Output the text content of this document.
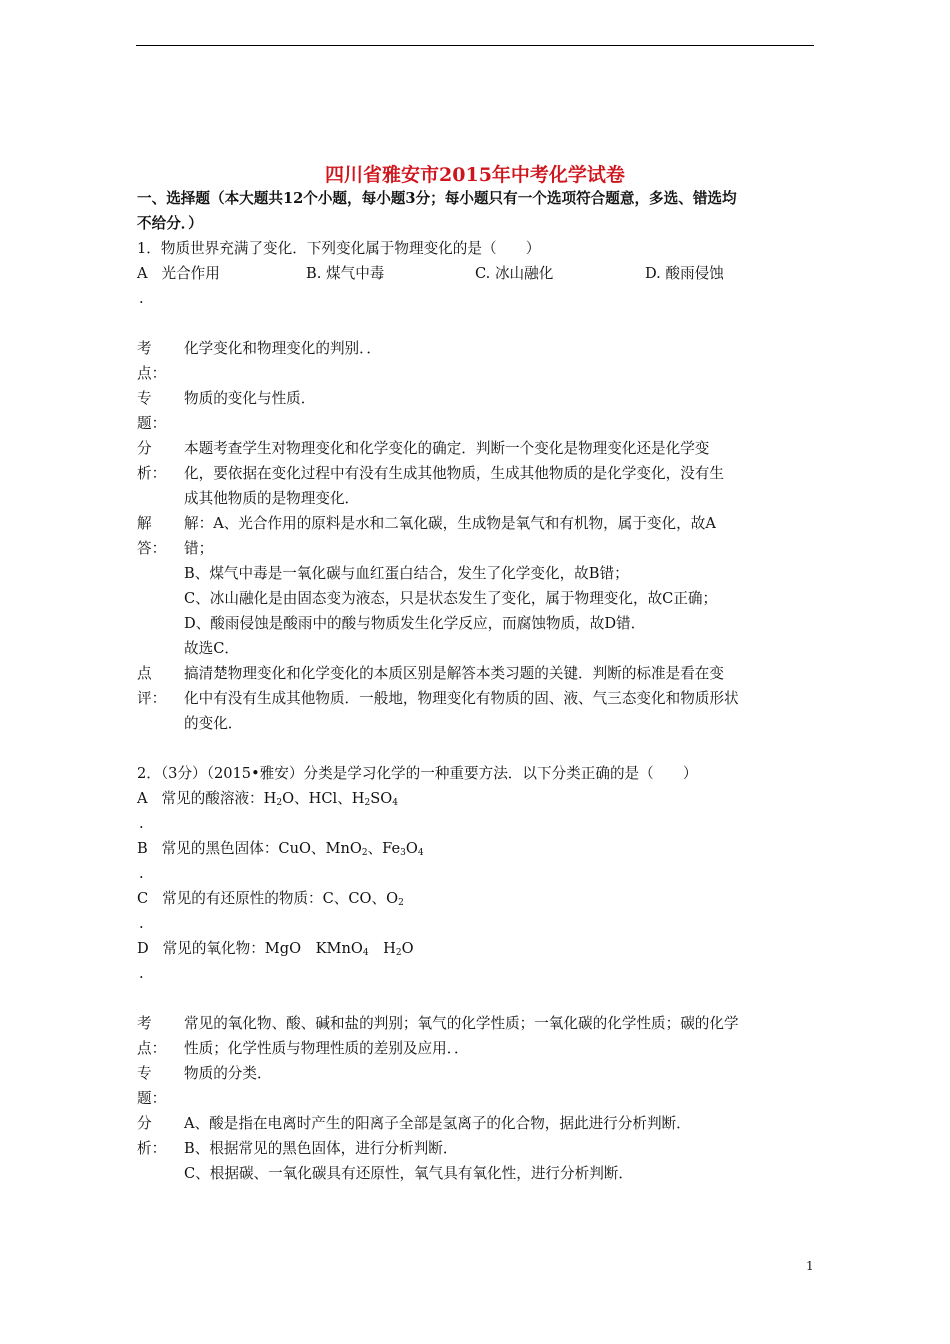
四川省雅安市2015年中考化学试卷
一、选择题（本大题共12个小题，每小题3分；每小题只有一个选项符合题意，多选、错选均
不给分．）
1．物质世界充满了变化．下列变化属于物理变化的是（　　）
A 光合作用	B. 煤气中毒	C. 冰山融化	D. 酸雨侵蚀
.
考
点：
化学变化和物理变化的判别．．
专
题：
物质的变化与性质．
分
析：
本题考查学生对物理变化和化学变化的确定．判断一个变化是物理变化还是化学变
化，要依据在变化过程中有没有生成其他物质，生成其他物质的是化学变化，没有生
成其他物质的是物理变化．
解
答：
解：A、光合作用的原料是水和二氧化碳，生成物是氧气和有机物，属于变化，故A
错；
B、煤气中毒是一氧化碳与血红蛋白结合，发生了化学变化，故B错；
C、冰山融化是由固态变为液态，只是状态发生了变化，属于物理变化，故C正确；
D、酸雨侵蚀是酸雨中的酸与物质发生化学反应，而腐蚀物质，故D错．
故选C．
点
评：
搞清楚物理变化和化学变化的本质区别是解答本类习题的关键．判断的标准是看在变
化中有没有生成其他物质．一般地，物理变化有物质的固、液、气三态变化和物质形状
的变化．
2．（3分）（2015•雅安）分类是学习化学的一种重要方法．以下分类正确的是（　　）
A 常见的酸溶液：$H_2O$、HCl、$H_2SO_4$
.
B 常见的黑色固体：CuO、MnO$_2$、$Fe_3O_4$
.
C 常见的有还原性的物质：C、CO、$O_2$
.
D 常见的氧化物：MgO　KMnO$_4$　$H_2O$
.
考
点：
常见的氧化物、酸、碱和盐的判别；氧气的化学性质；一氧化碳的化学性质；碳的化学
性质；化学性质与物理性质的差别及应用．．
专
题：
物质的分类．
分
析：
A、酸是指在电离时产生的阳离子全部是氢离子的化合物，据此进行分析判断．
B、根据常见的黑色固体，进行分析判断．
C、根据碳、一氧化碳具有还原性，氧气具有氧化性，进行分析判断．
1
